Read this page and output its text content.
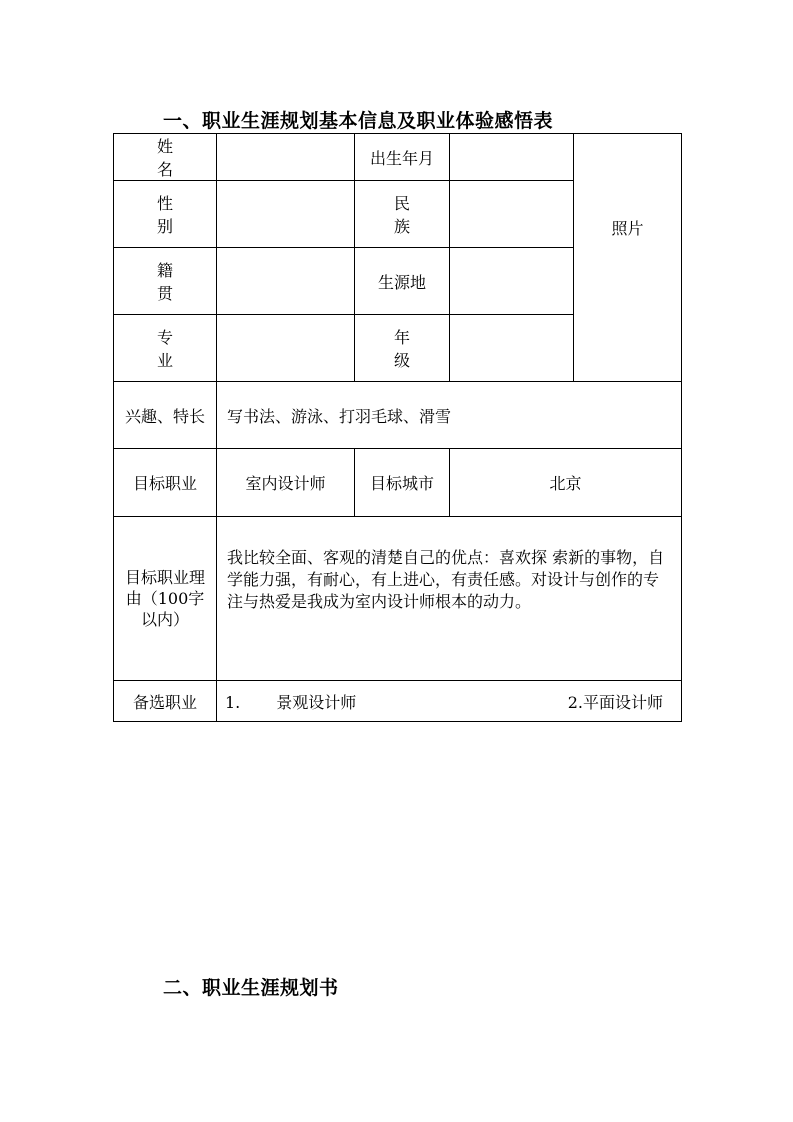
一、职业生涯规划基本信息及职业体验感悟表
姓 名		出生年月		照片
性 别		民 族		
籍 贯		生源地		
专 业		年 级		
兴趣、特长	写书法、游泳、打羽毛球、滑雪			
目标职业	室内设计师	目标城市	北京	
目标职业理由（100字以内）	我比较全面、客观的清楚自己的优点：喜欢探 索新的事物，自学能力强，有耐心，有上进心，有责任感。对设计与创作的专注与热爱是我成为室内设计师根本的动力。			
备选职业	1. 景观设计师 2.平面设计师			
二、职业生涯规划书
